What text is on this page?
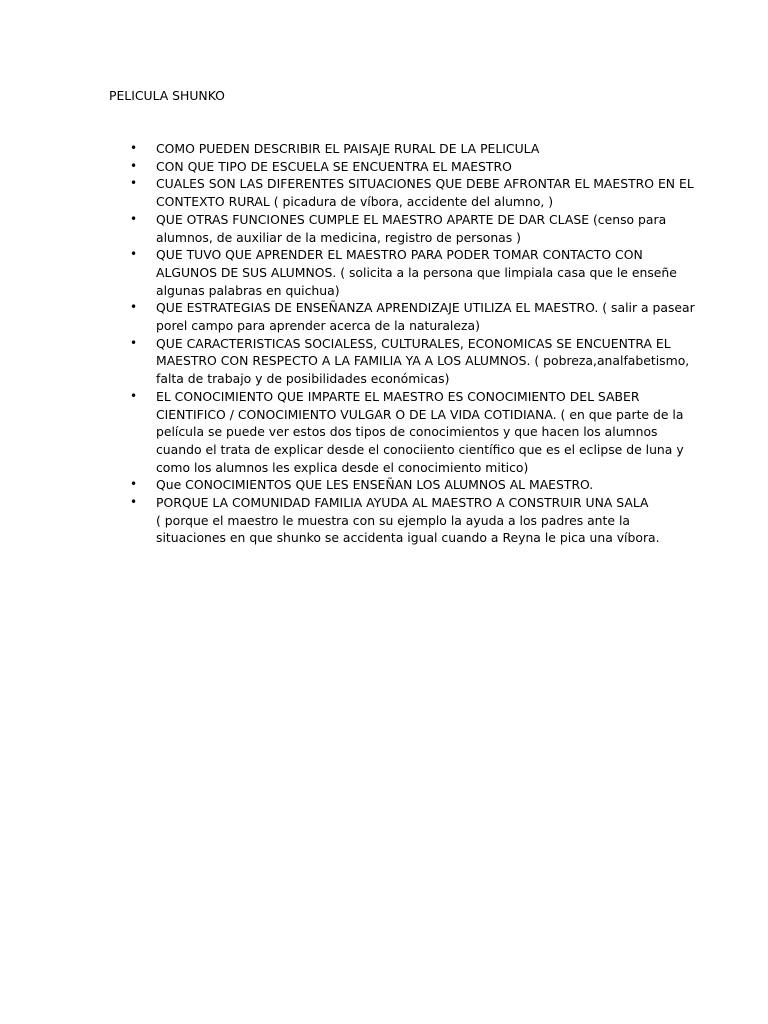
PELICULA SHUNKO
• COMO PUEDEN DESCRIBIR EL PAISAJE RURAL DE LA PELICULA
• CON QUE TIPO DE ESCUELA SE ENCUENTRA EL MAESTRO
• CUALES SON LAS DIFERENTES SITUACIONES QUE DEBE AFRONTAR EL MAESTRO EN EL
CONTEXTO RURAL ( picadura de víbora, accidente del alumno, )
• QUE OTRAS FUNCIONES CUMPLE EL MAESTRO APARTE DE DAR CLASE (censo para
alumnos, de auxiliar de la medicina, registro de personas )
• QUE TUVO QUE APRENDER EL MAESTRO PARA PODER TOMAR CONTACTO CON
ALGUNOS DE SUS ALUMNOS. ( solicita a la persona que limpiala casa que le enseñe
algunas palabras en quichua)
• QUE ESTRATEGIAS DE ENSEÑANZA APRENDIZAJE UTILIZA EL MAESTRO. ( salir a pasear
porel campo para aprender acerca de la naturaleza)
• QUE CARACTERISTICAS SOCIALESS, CULTURALES, ECONOMICAS SE ENCUENTRA EL
MAESTRO CON RESPECTO A LA FAMILIA YA A LOS ALUMNOS. ( pobreza,analfabetismo,
falta de trabajo y de posibilidades económicas)
• EL CONOCIMIENTO QUE IMPARTE EL MAESTRO ES CONOCIMIENTO DEL SABER
CIENTIFICO / CONOCIMIENTO VULGAR O DE LA VIDA COTIDIANA. ( en que parte de la
película se puede ver estos dos tipos de conocimientos y que hacen los alumnos
cuando el trata de explicar desde el conociiento científico que es el eclipse de luna y
como los alumnos les explica desde el conocimiento mitico)
• Que CONOCIMIENTOS QUE LES ENSEÑAN LOS ALUMNOS AL MAESTRO.
• PORQUE LA COMUNIDAD FAMILIA AYUDA AL MAESTRO A CONSTRUIR UNA SALA
( porque el maestro le muestra con su ejemplo la ayuda a los padres ante la
situaciones en que shunko se accidenta igual cuando a Reyna le pica una víbora.
